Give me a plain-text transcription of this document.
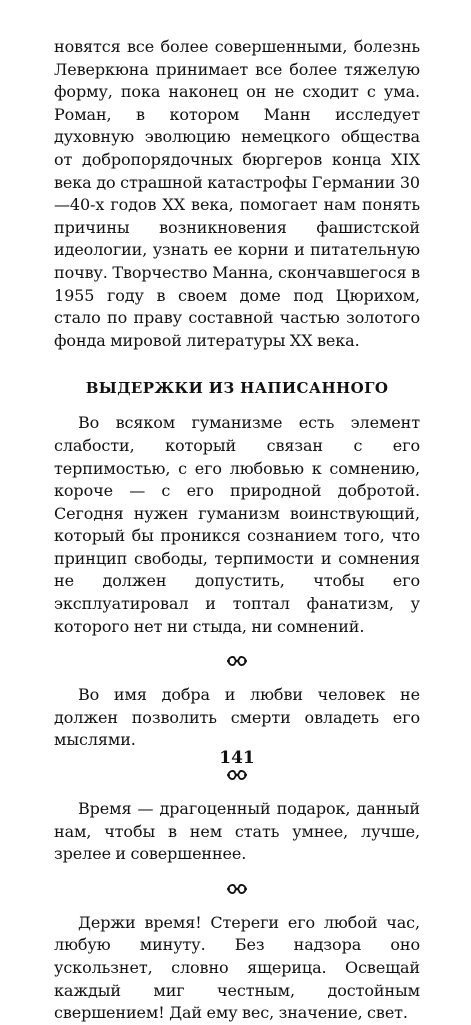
новятся все более совершенными, болезнь Леверкюна принимает все более тяжелую форму, пока наконец он не сходит с ума. Роман, в котором Манн исследует духовную эволюцию немецкого общества от добропорядочных бюргеров конца XIX века до страшной катастрофы Германии 30—40-х годов XX века, помогает нам понять причины возникновения фашистской идеологии, узнать ее корни и питательную почву. Творчество Манна, скончавшегося в 1955 году в своем доме под Цюрихом, стало по праву составной частью золотого фонда мировой литературы XX века.

ВЫДЕРЖКИ ИЗ НАПИСАННОГО

Во всяком гуманизме есть элемент слабости, который связан с его терпимостью, с его любовью к сомнению, короче — с его природной добротой. Сегодня нужен гуманизм воинствующий, который бы проникся сознанием того, что принцип свободы, терпимости и сомнения не должен допустить, чтобы его эксплуатировал и топтал фанатизм, у которого нет ни стыда, ни сомнений.

Во имя добра и любви человек не должен позволить смерти овладеть его мыслями.

Время — драгоценный подарок, данный нам, чтобы в нем стать умнее, лучше, зрелее и совершеннее.

Держи время! Стереги его любой час, любую минуту. Без надзора оно ускользнет, словно ящерица. Освещай каждый миг честным, достойным свершением! Дай ему вес, значение, свет.

141
